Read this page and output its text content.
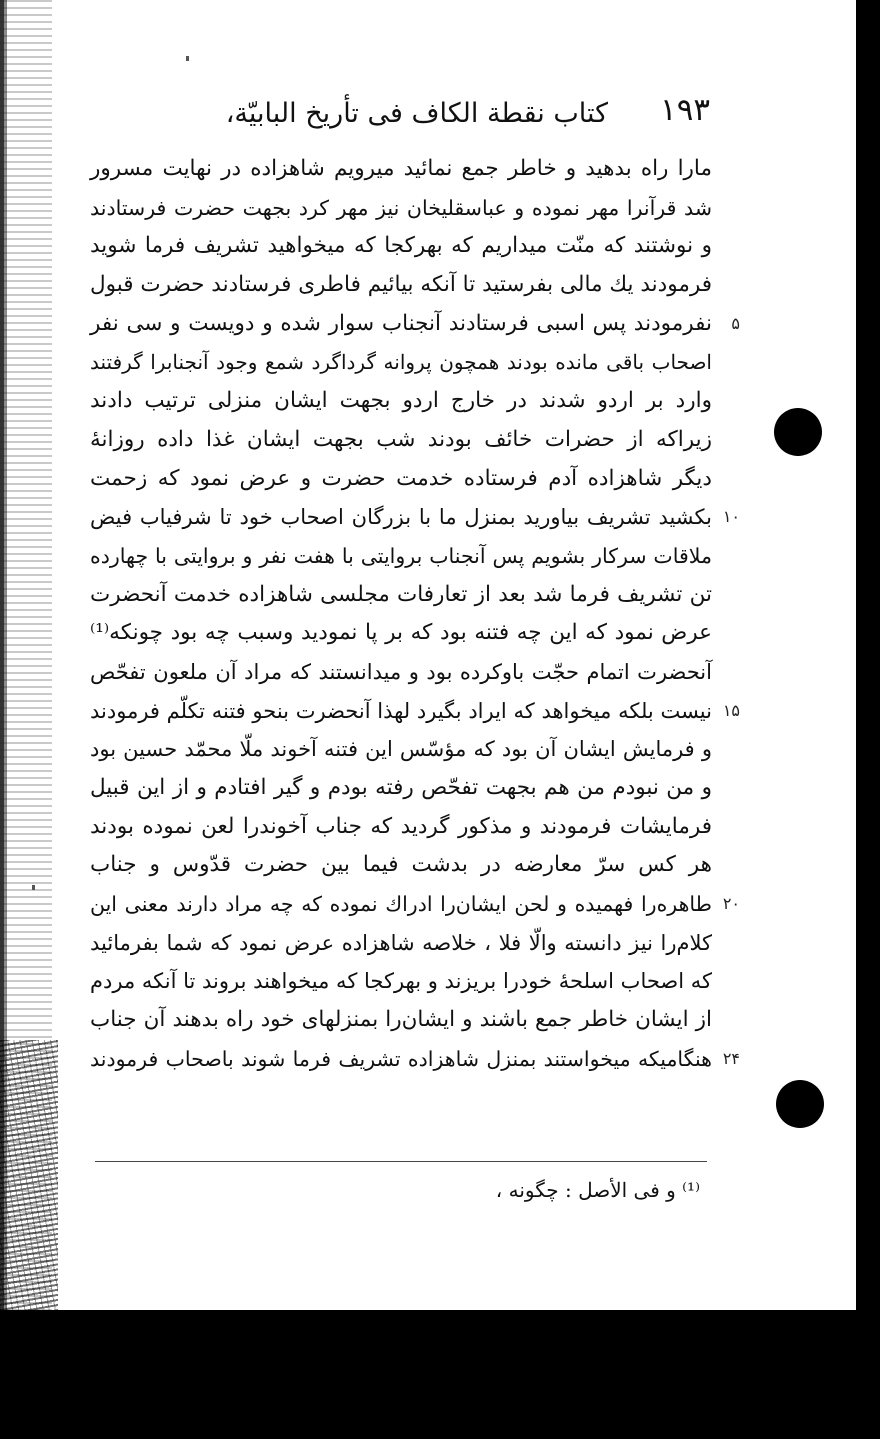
۱۹۳
کتاب نقطة الکاف فی تأریخ البابیّة،
مارا راه بدهید و خاطر جمع نمائید میرویم شاهزاده در نهایت مسرور
شد قرآنرا مهر نموده و عباسقلیخان نیز مهر کرد بجهت حضرت فرستادند
و نوشتند که منّت میداریم که بهرکجا که میخواهید تشریف فرما شوید
فرمودند یك مالی بفرستید تا آنکه بیائیم فاطری فرستادند حضرت قبول
نفرمودند پس اسبی فرستادند آنجناب سوار شده و دویست و سی نفر ۵
اصحاب باقی مانده بودند همچون پروانه گرداگرد شمع وجود آنجنابرا گرفتند
وارد بر اردو شدند در خارج اردو بجهت ایشان منزلی ترتیب دادند
زیراکه از حضرات خائف بودند شب بجهت ایشان غذا داده روزانهٔ
دیگر شاهزاده آدم فرستاده خدمت حضرت و عرض نمود که زحمت
بکشید تشریف بیاورید بمنزل ما با بزرگان اصحاب خود تا شرفیاب فیض ۱۰
ملاقات سرکار بشویم پس آنجناب بروایتی با هفت نفر و بروایتی با چهارده
تن تشریف فرما شد بعد از تعارفات مجلسی شاهزاده خدمت آنحضرت
عرض نمود که این چه فتنه بود که بر پا نمودید وسبب چه بود چونکه⁽¹⁾
آنحضرت اتمام حجّت باوکرده بود و میدانستند که مراد آن ملعون تفحّص
نیست بلکه میخواهد که ایراد بگیرد لهذا آنحضرت بنحو فتنه تکلّم فرمودند ۱۵
و فرمایش ایشان آن بود که مؤسّس این فتنه آخوند ملّا محمّد حسین بود
و من نبودم من هم بجهت تفحّص رفته بودم و گیر افتادم و از این قبیل
فرمایشات فرمودند و مذکور گردید که جناب آخوندرا لعن نموده بودند
هر کس سرّ معارضه در بدشت فیما بین حضرت قدّوس و جناب
طاهره‌را فهمیده و لحن ایشان‌را ادراك نموده که چه مراد دارند معنی این ۲۰
کلام‌را نیز دانسته والّا فلا ، خلاصه شاهزاده عرض نمود که شما بفرمائید
که اصحاب اسلحهٔ خودرا بریزند و بهرکجا که میخواهند بروند تا آنکه مردم
از ایشان خاطر جمع باشند و ایشان‌را بمنزلهای خود راه بدهند آن جناب
هنگامیکه میخواستند بمنزل شاهزاده تشریف فرما شوند باصحاب فرمودند ۲۴
⁽¹⁾ و فی الأصل : چگونه ،
